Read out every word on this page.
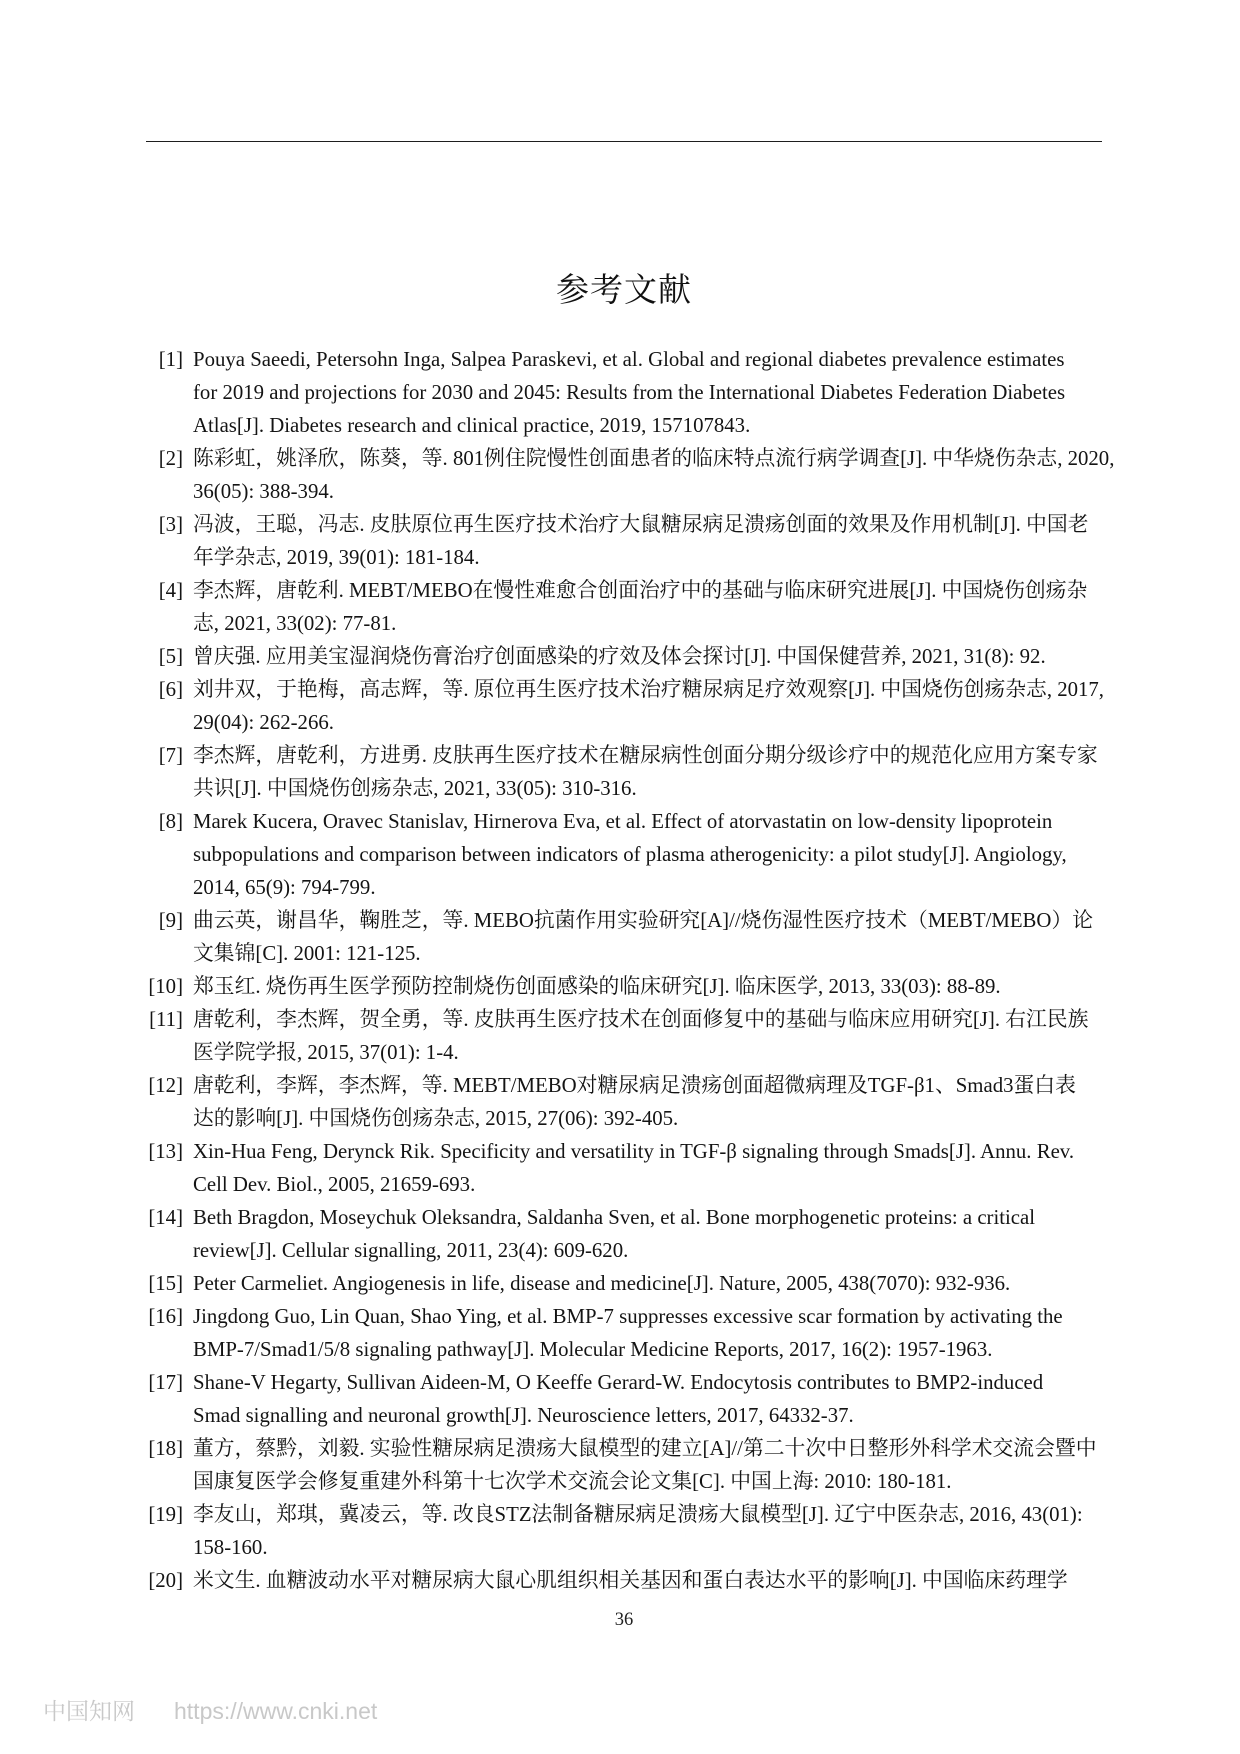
参考文献
[1] Pouya Saeedi, Petersohn Inga, Salpea Paraskevi, et al. Global and regional diabetes prevalence estimates
for 2019 and projections for 2030 and 2045: Results from the International Diabetes Federation Diabetes
Atlas[J]. Diabetes research and clinical practice, 2019, 157107843.
[2] 陈彩虹，姚泽欣，陈葵，等. 801例住院慢性创面患者的临床特点流行病学调查[J]. 中华烧伤杂志, 2020,
36(05): 388-394.
[3] 冯波，王聪，冯志. 皮肤原位再生医疗技术治疗大鼠糖尿病足溃疡创面的效果及作用机制[J]. 中国老
年学杂志, 2019, 39(01): 181-184.
[4] 李杰辉，唐乾利. MEBT/MEBO在慢性难愈合创面治疗中的基础与临床研究进展[J]. 中国烧伤创疡杂
志, 2021, 33(02): 77-81.
[5] 曾庆强. 应用美宝湿润烧伤膏治疗创面感染的疗效及体会探讨[J]. 中国保健营养, 2021, 31(8): 92.
[6] 刘井双，于艳梅，高志辉，等. 原位再生医疗技术治疗糖尿病足疗效观察[J]. 中国烧伤创疡杂志, 2017,
29(04): 262-266.
[7] 李杰辉，唐乾利，方进勇. 皮肤再生医疗技术在糖尿病性创面分期分级诊疗中的规范化应用方案专家
共识[J]. 中国烧伤创疡杂志, 2021, 33(05): 310-316.
[8] Marek Kucera, Oravec Stanislav, Hirnerova Eva, et al. Effect of atorvastatin on low-density lipoprotein
subpopulations and comparison between indicators of plasma atherogenicity: a pilot study[J]. Angiology,
2014, 65(9): 794-799.
[9] 曲云英，谢昌华，鞠胜芝，等. MEBO抗菌作用实验研究[A]//烧伤湿性医疗技术（MEBT/MEBO）论
文集锦[C]. 2001: 121-125.
[10] 郑玉红. 烧伤再生医学预防控制烧伤创面感染的临床研究[J]. 临床医学, 2013, 33(03): 88-89.
[11] 唐乾利，李杰辉，贺全勇，等. 皮肤再生医疗技术在创面修复中的基础与临床应用研究[J]. 右江民族
医学院学报, 2015, 37(01): 1-4.
[12] 唐乾利，李辉，李杰辉，等. MEBT/MEBO对糖尿病足溃疡创面超微病理及TGF-β1、Smad3蛋白表
达的影响[J]. 中国烧伤创疡杂志, 2015, 27(06): 392-405.
[13] Xin-Hua Feng, Derynck Rik. Specificity and versatility in TGF-β signaling through Smads[J]. Annu. Rev.
Cell Dev. Biol., 2005, 21659-693.
[14] Beth Bragdon, Moseychuk Oleksandra, Saldanha Sven, et al. Bone morphogenetic proteins: a critical
review[J]. Cellular signalling, 2011, 23(4): 609-620.
[15] Peter Carmeliet. Angiogenesis in life, disease and medicine[J]. Nature, 2005, 438(7070): 932-936.
[16] Jingdong Guo, Lin Quan, Shao Ying, et al. BMP‑7 suppresses excessive scar formation by activating the
BMP‑7/Smad1/5/8 signaling pathway[J]. Molecular Medicine Reports, 2017, 16(2): 1957-1963.
[17] Shane-V Hegarty, Sullivan Aideen-M, O Keeffe Gerard-W. Endocytosis contributes to BMP2-induced
Smad signalling and neuronal growth[J]. Neuroscience letters, 2017, 64332-37.
[18] 董方，蔡黔，刘毅. 实验性糖尿病足溃疡大鼠模型的建立[A]//第二十次中日整形外科学术交流会暨中
国康复医学会修复重建外科第十七次学术交流会论文集[C]. 中国上海: 2010: 180-181.
[19] 李友山，郑琪，冀凌云，等. 改良STZ法制备糖尿病足溃疡大鼠模型[J]. 辽宁中医杂志, 2016, 43(01):
158-160.
[20] 米文生. 血糖波动水平对糖尿病大鼠心肌组织相关基因和蛋白表达水平的影响[J]. 中国临床药理学
36
中国知网 https://www.cnki.net
